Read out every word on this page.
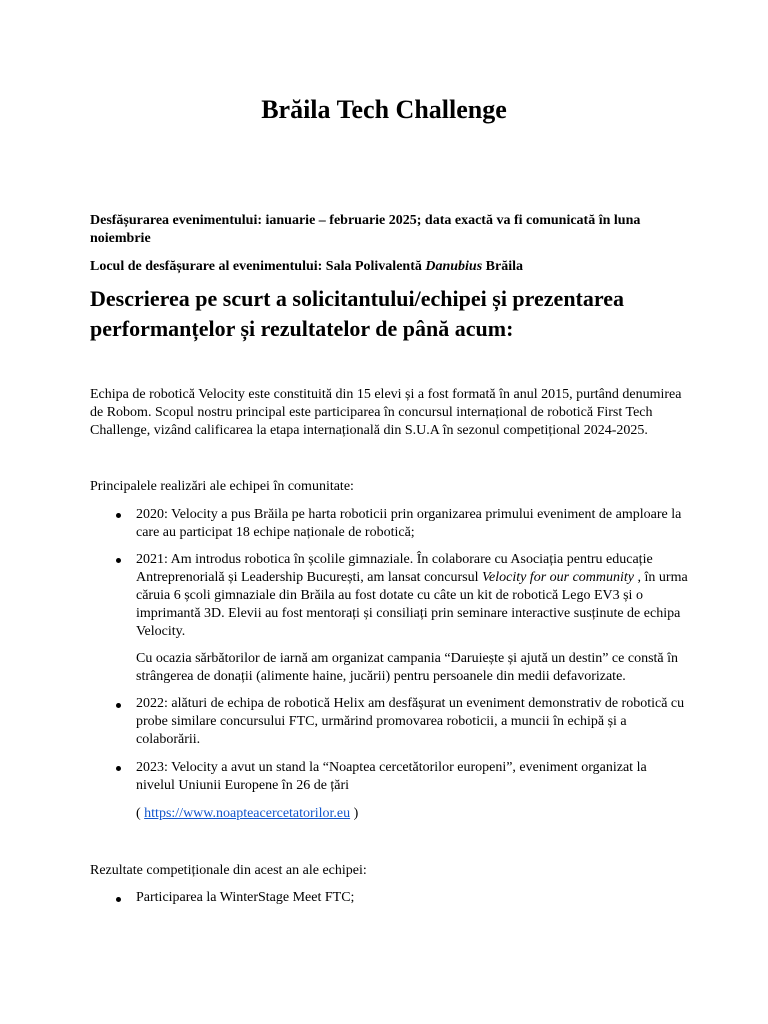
Brăila Tech Challenge
Desfășurarea evenimentului: ianuarie – februarie 2025; data exactă va fi comunicată în luna noiembrie
Locul de desfășurare al evenimentului: Sala Polivalentă Danubius Brăila
Descrierea pe scurt a solicitantului/echipei și prezentarea performanțelor și rezultatelor de până acum:
Echipa de robotică Velocity este constituită din 15 elevi și a fost formată în anul 2015, purtând denumirea de Robom. Scopul nostru principal este participarea în concursul internațional de robotică First Tech Challenge, vizând calificarea la etapa internațională din S.U.A în sezonul competițional 2024-2025.
Principalele realizări ale echipei în comunitate:
2020: Velocity a pus Brăila pe harta roboticii prin organizarea primului eveniment de amploare la care au participat 18 echipe naționale de robotică;
2021: Am introdus robotica în școlile gimnaziale. În colaborare cu Asociația pentru educație Antreprenorială și Leadership București, am lansat concursul Velocity for our community , în urma căruia 6 școli gimnaziale din Brăila au fost dotate cu câte un kit de robotică Lego EV3 și o imprimantă 3D. Elevii au fost mentorați și consiliați prin seminare interactive susținute de echipa Velocity.
Cu ocazia sărbătorilor de iarnă am organizat campania “Daruiește și ajută un destin” ce constă în strângerea de donații (alimente haine, jucării) pentru persoanele din medii defavorizate.
2022: alături de echipa de robotică Helix am desfășurat un eveniment demonstrativ de robotică cu probe similare concursului FTC, urmărind promovarea roboticii, a muncii în echipă și a colaborării.
2023: Velocity a avut un stand la “Noaptea cercetătorilor europeni”, eveniment organizat la nivelul Uniunii Europene în 26 de țări
( https://www.noapteacercetatorilor.eu )
Rezultate competiționale din acest an ale echipei:
Participarea la WinterStage Meet FTC;
